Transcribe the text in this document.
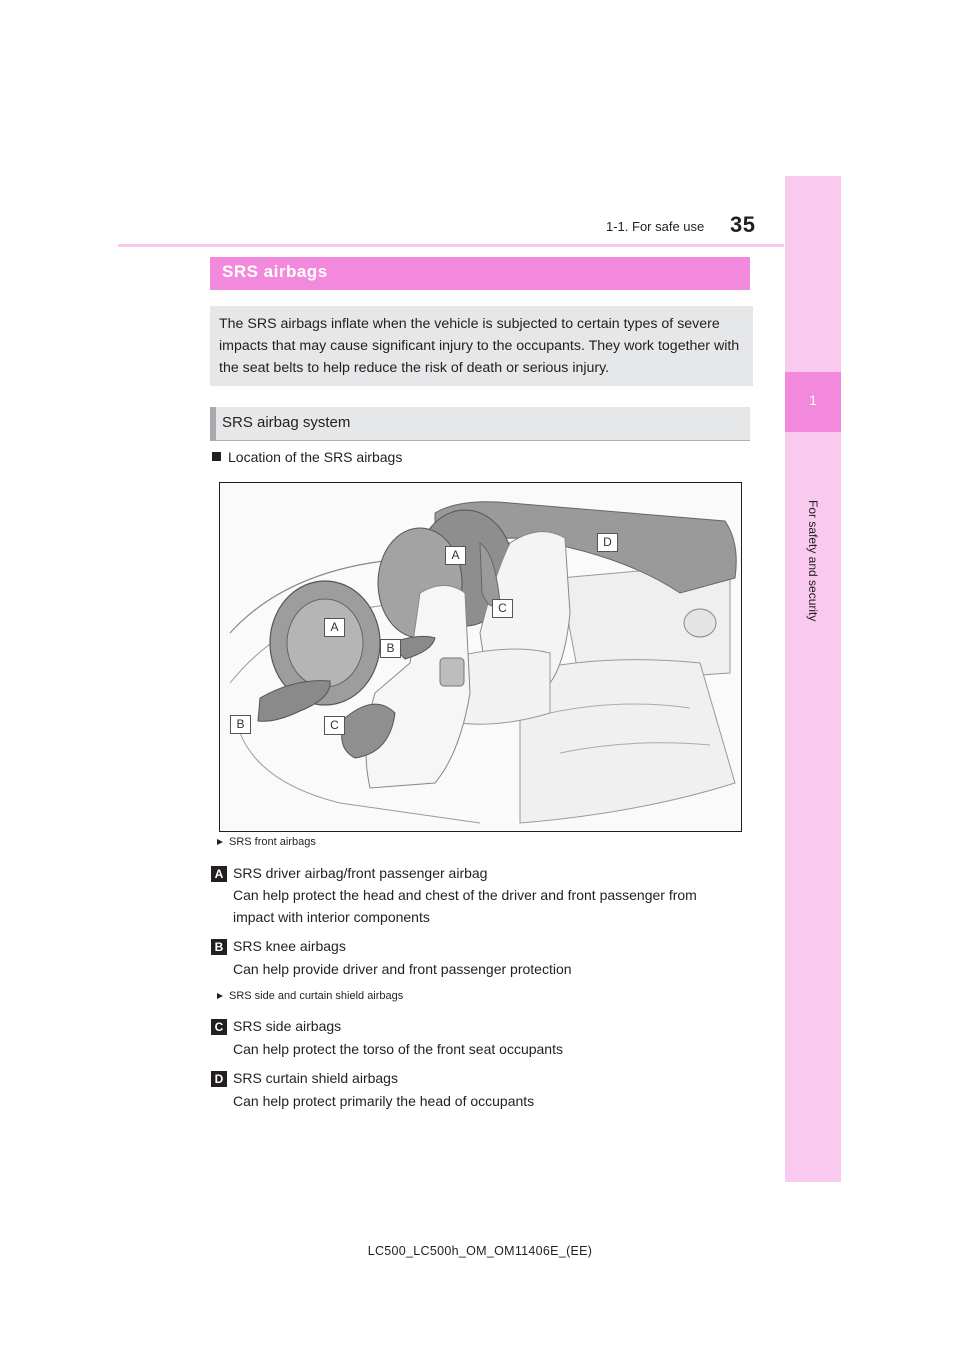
1-1. For safe use 35
1
For safety and security
SRS airbags
The SRS airbags inflate when the vehicle is subjected to certain types of severe impacts that may cause significant injury to the occupants. They work together with the seat belts to help reduce the risk of death or serious injury.
SRS airbag system
Location of the SRS airbags
A
D
C
A
B
B	C
SRS front airbags
A SRS driver airbag/front passenger airbag
Can help protect the head and chest of the driver and front passenger from impact with interior components
B SRS knee airbags
Can help provide driver and front passenger protection
SRS side and curtain shield airbags
C SRS side airbags
Can help protect the torso of the front seat occupants
D SRS curtain shield airbags
Can help protect primarily the head of occupants
LC500_LC500h_OM_OM11406E_(EE)
